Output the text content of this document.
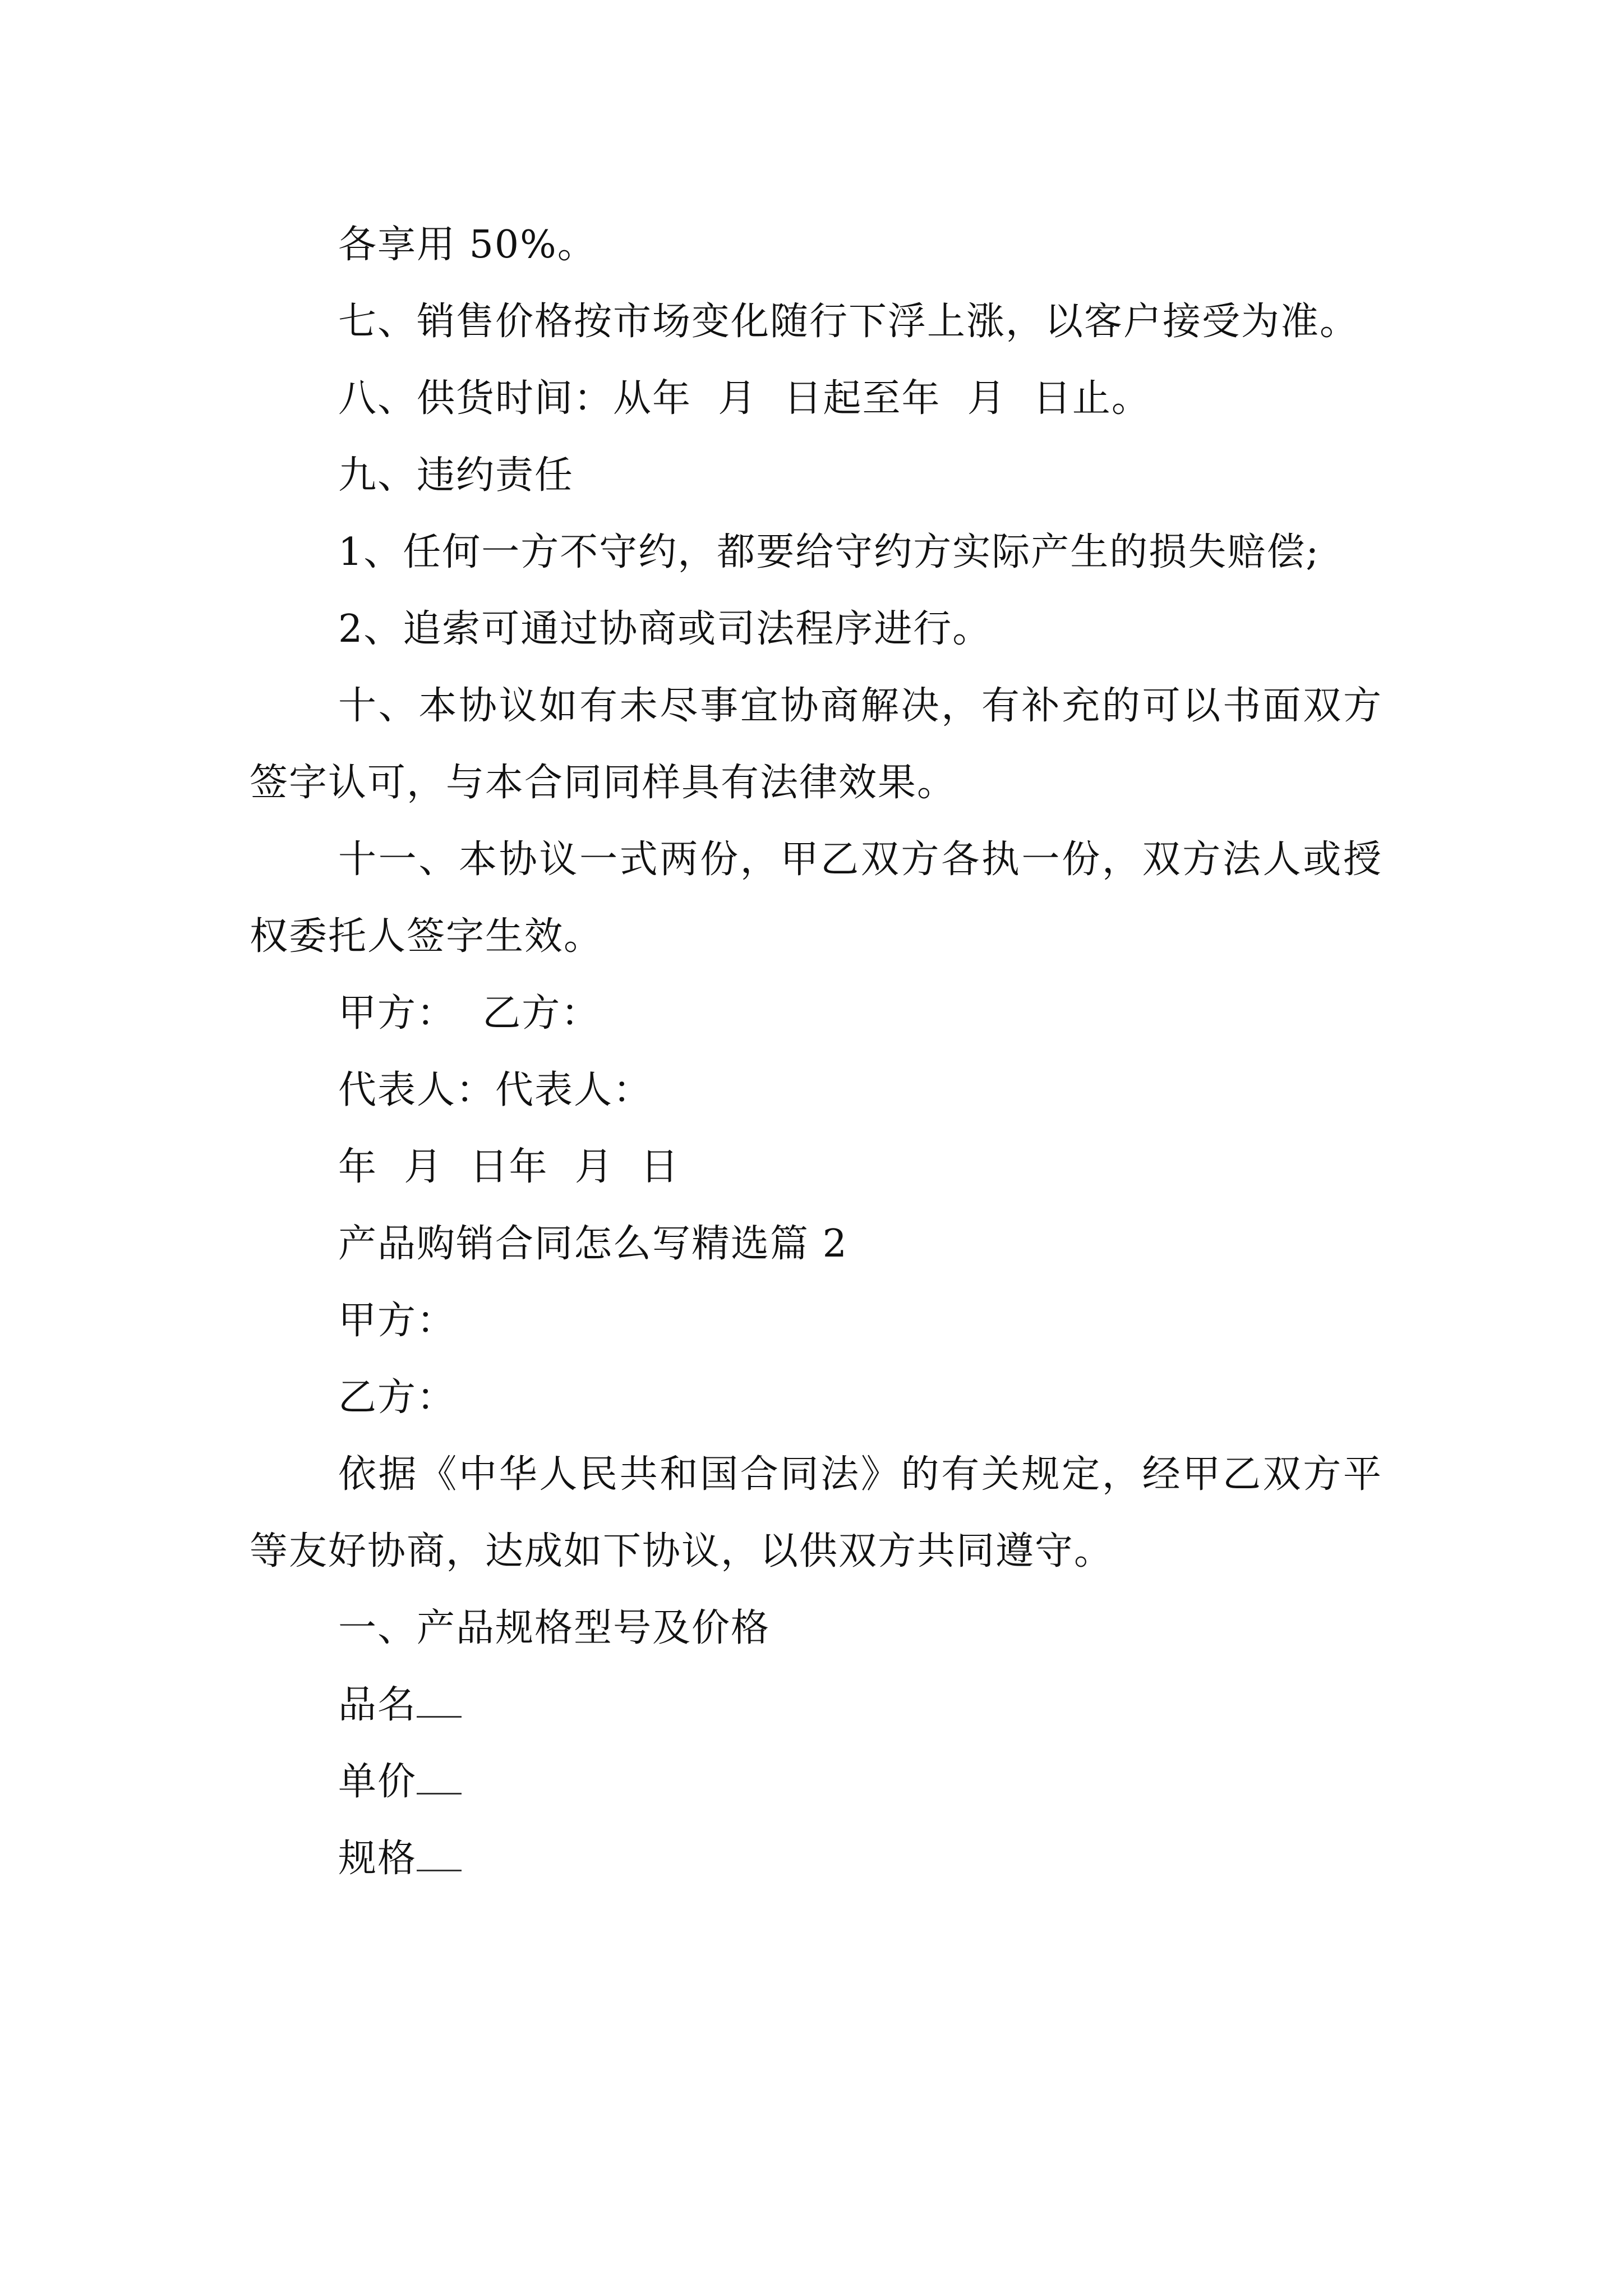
各享用 50%。

七、销售价格按市场变化随行下浮上涨，以客户接受为准。

八、供货时间：从年  月  日起至年  月  日止。

九、违约责任

1、任何一方不守约，都要给守约方实际产生的损失赔偿;

2、追索可通过协商或司法程序进行。

十、本协议如有未尽事宜协商解决，有补充的可以书面双方签字认可，与本合同同样具有法律效果。

十一、本协议一式两份，甲乙双方各执一份，双方法人或授权委托人签字生效。

甲方：  乙方：

代表人：代表人：

年  月  日年  月  日

产品购销合同怎么写精选篇 2

甲方：

乙方：

依据《中华人民共和国合同法》的有关规定，经甲乙双方平等友好协商，达成如下协议，以供双方共同遵守。

一、产品规格型号及价格

品名

单价

规格
